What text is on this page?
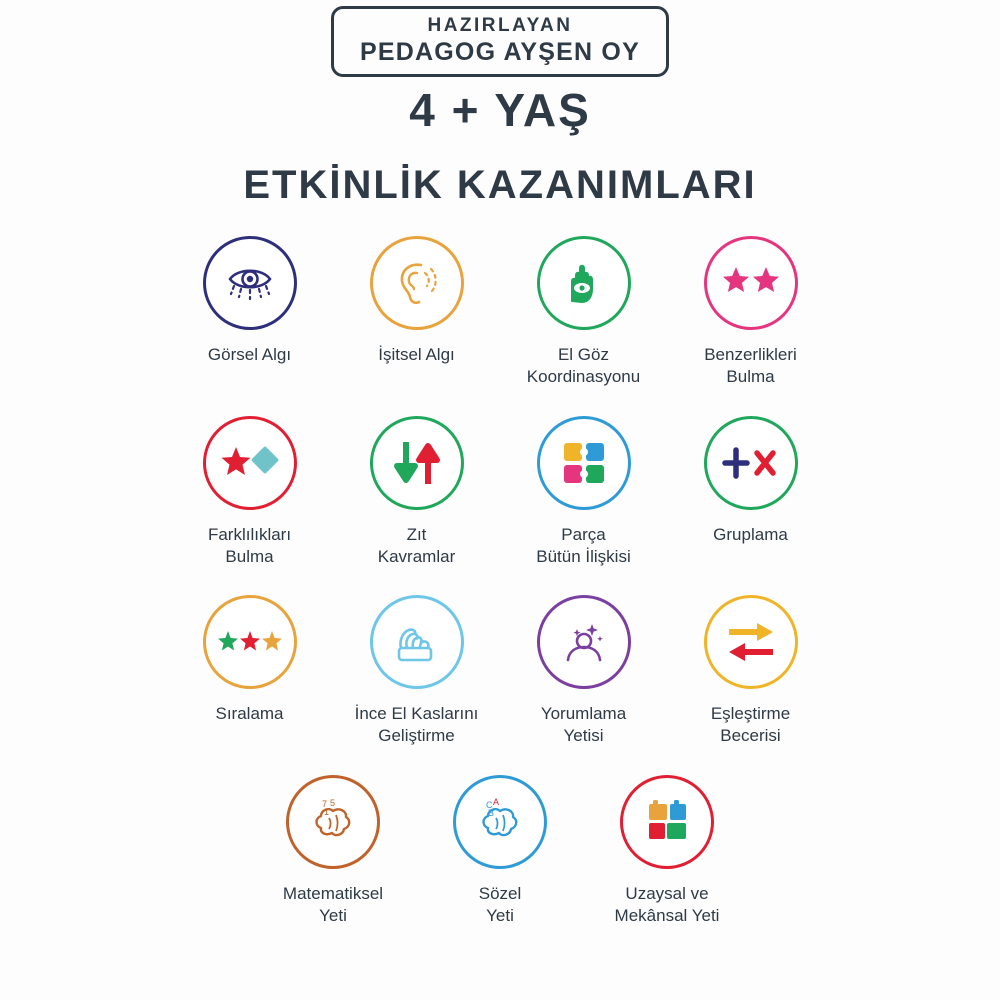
HAZIRLAYAN
PEDAGOG AYŞEN OY
4 + YAŞ
ETKİNLİK KAZANIMLARI
Görsel Algı	İşitsel Algı	El Göz
Koordinasyonu
Benzerlikleri
Bulma
Farklılıkları
Bulma
Zıt
Kavramlar
Parça
Bütün İlişkisi
Gruplama
Sıralama	İnce El Kaslarını
Geliştirme
Yorumlama
Yetisi
Eşleştirme
Becerisi
7 5
1
Matematiksel
Yeti
C A
B
Sözel
Yeti
Uzaysal ve
Mekânsal Yeti
